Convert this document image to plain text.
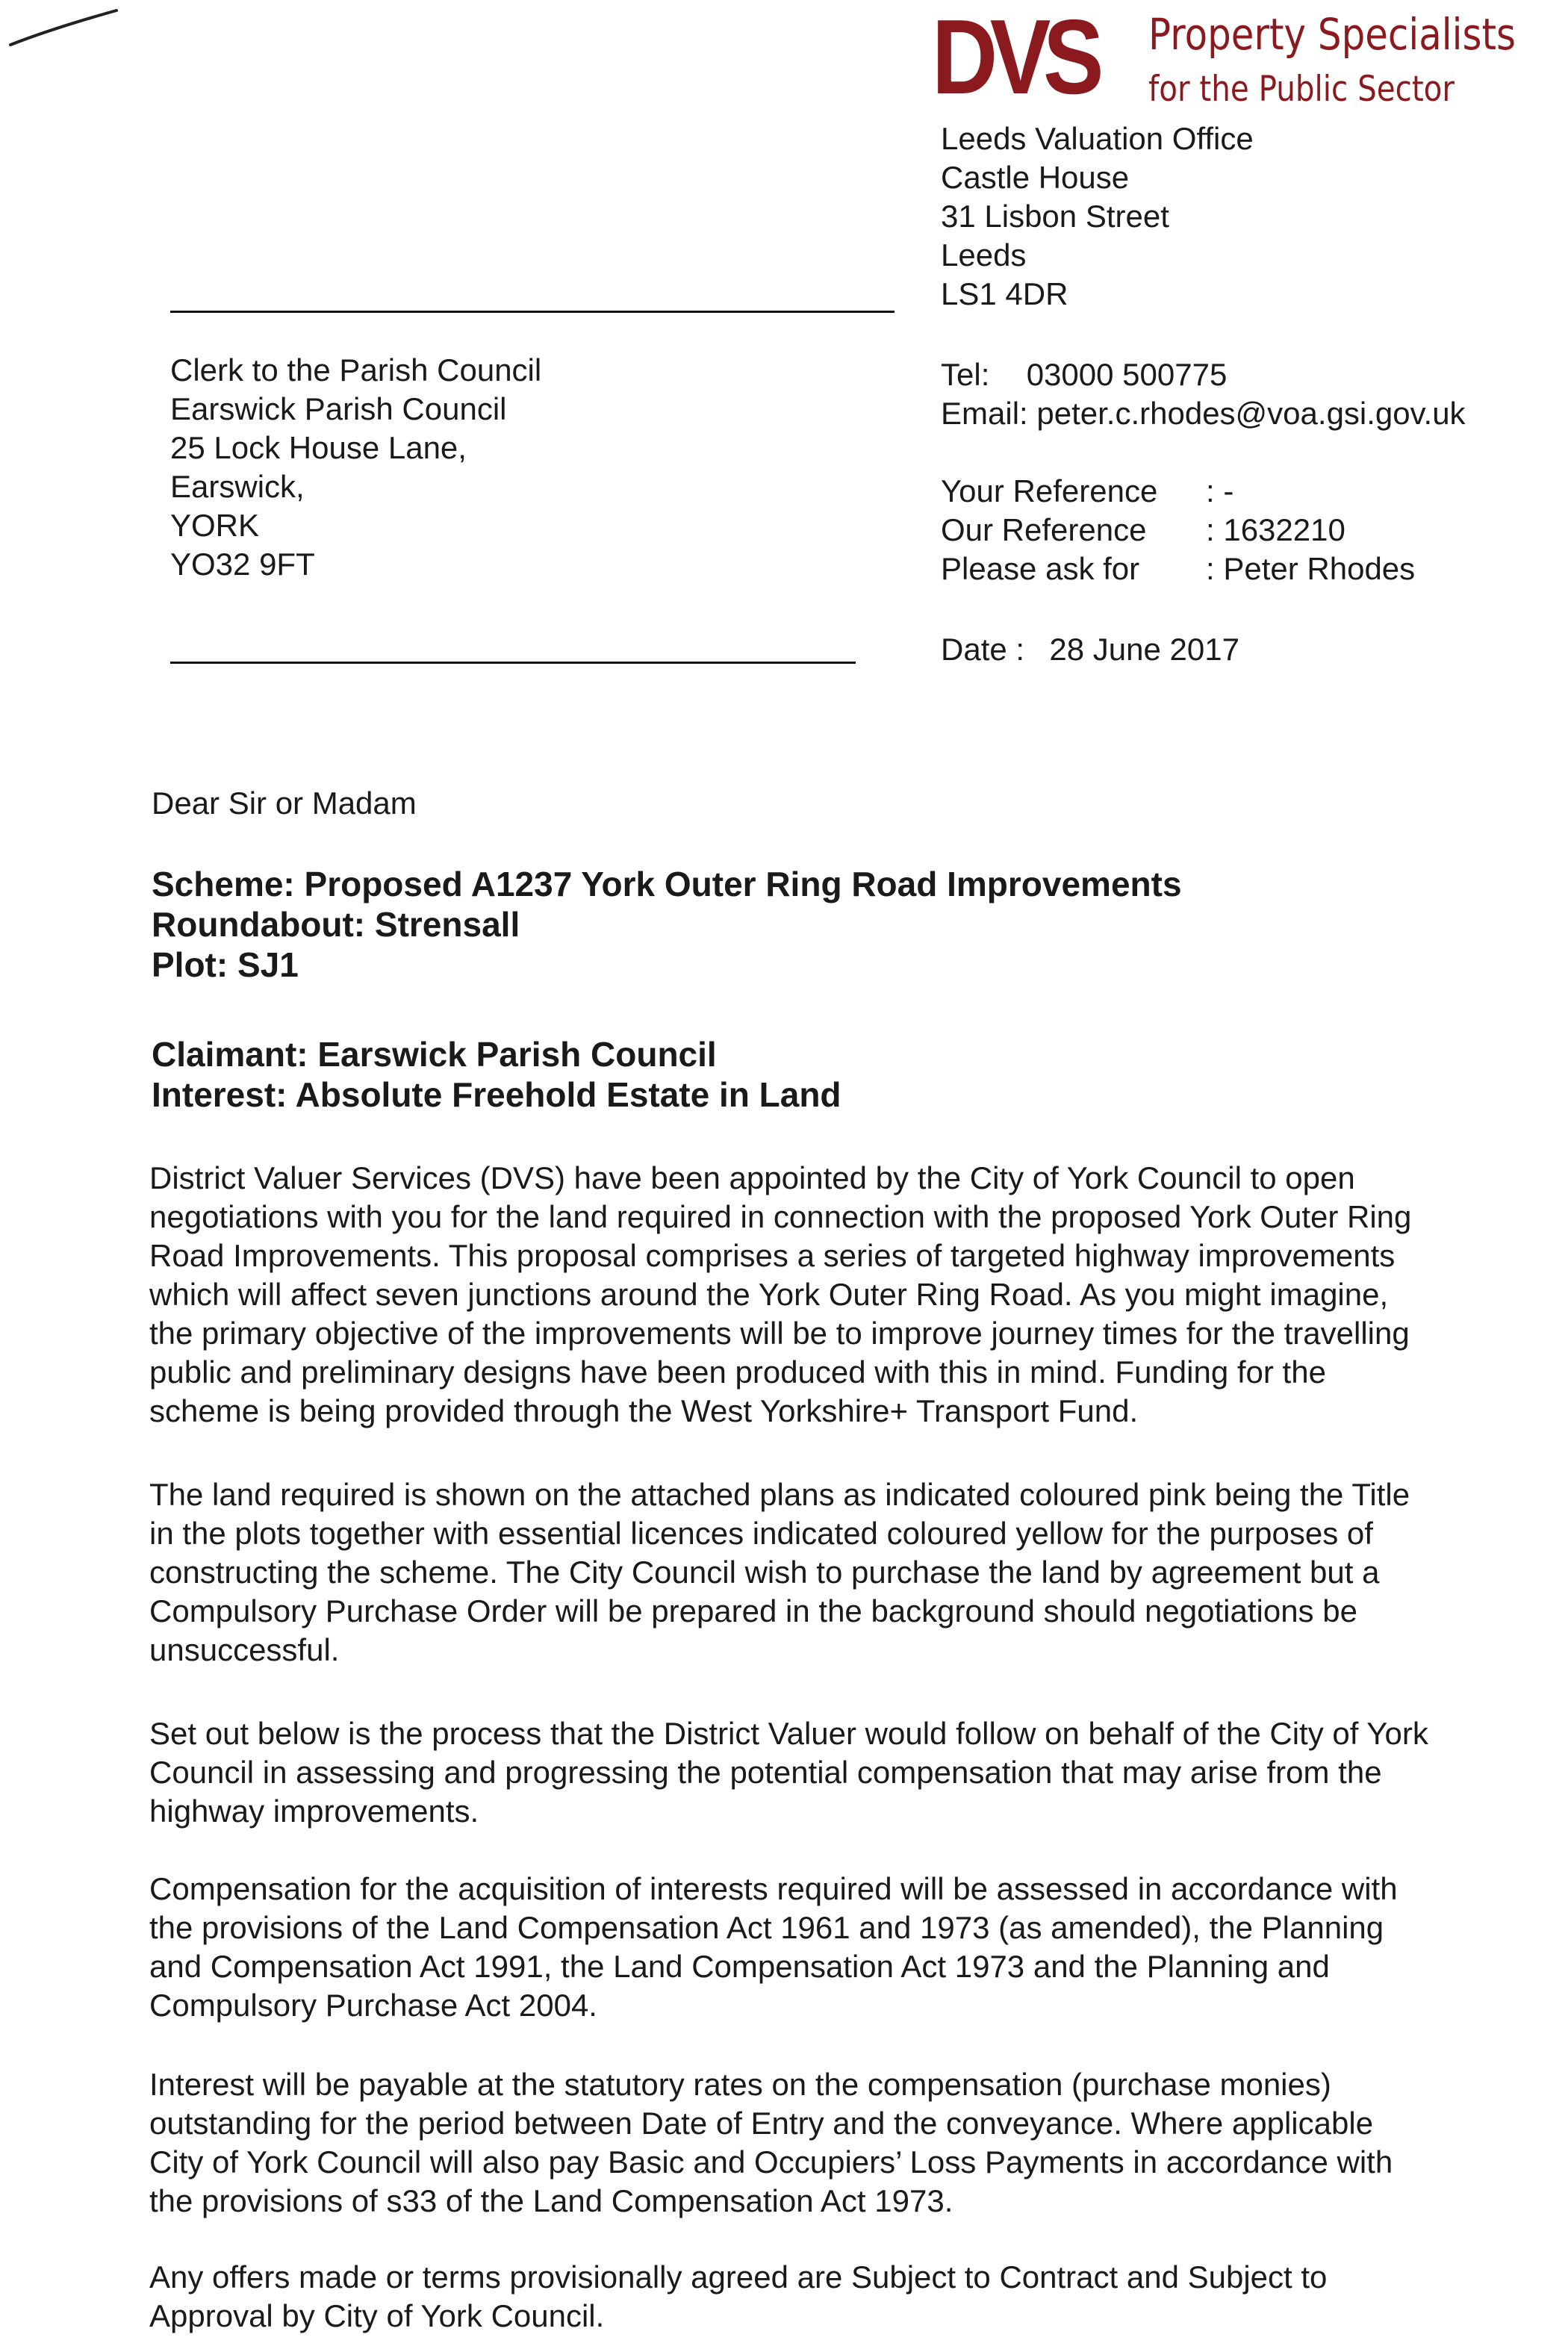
DVS Property Specialists
for the Public Sector
Leeds Valuation Office
Castle House
31 Lisbon Street
Leeds
LS1 4DR
Clerk to the Parish Council
Earswick Parish Council
25 Lock House Lane,
Earswick,
YORK
YO32 9FT
Tel: 03000 500775
Email: peter.c.rhodes@voa.gsi.gov.uk
Your Reference : -
Our Reference : 1632210
Please ask for : Peter Rhodes
Date : 28 June 2017
Dear Sir or Madam
Scheme: Proposed A1237 York Outer Ring Road Improvements
Roundabout: Strensall
Plot: SJ1
Claimant: Earswick Parish Council
Interest: Absolute Freehold Estate in Land
District Valuer Services (DVS) have been appointed by the City of York Council to open
negotiations with you for the land required in connection with the proposed York Outer Ring
Road Improvements. This proposal comprises a series of targeted highway improvements
which will affect seven junctions around the York Outer Ring Road. As you might imagine,
the primary objective of the improvements will be to improve journey times for the travelling
public and preliminary designs have been produced with this in mind. Funding for the
scheme is being provided through the West Yorkshire+ Transport Fund.
The land required is shown on the attached plans as indicated coloured pink being the Title
in the plots together with essential licences indicated coloured yellow for the purposes of
constructing the scheme. The City Council wish to purchase the land by agreement but a
Compulsory Purchase Order will be prepared in the background should negotiations be
unsuccessful.
Set out below is the process that the District Valuer would follow on behalf of the City of York
Council in assessing and progressing the potential compensation that may arise from the
highway improvements.
Compensation for the acquisition of interests required will be assessed in accordance with
the provisions of the Land Compensation Act 1961 and 1973 (as amended), the Planning
and Compensation Act 1991, the Land Compensation Act 1973 and the Planning and
Compulsory Purchase Act 2004.
Interest will be payable at the statutory rates on the compensation (purchase monies)
outstanding for the period between Date of Entry and the conveyance. Where applicable
City of York Council will also pay Basic and Occupiers’ Loss Payments in accordance with
the provisions of s33 of the Land Compensation Act 1973.
Any offers made or terms provisionally agreed are Subject to Contract and Subject to
Approval by City of York Council.
